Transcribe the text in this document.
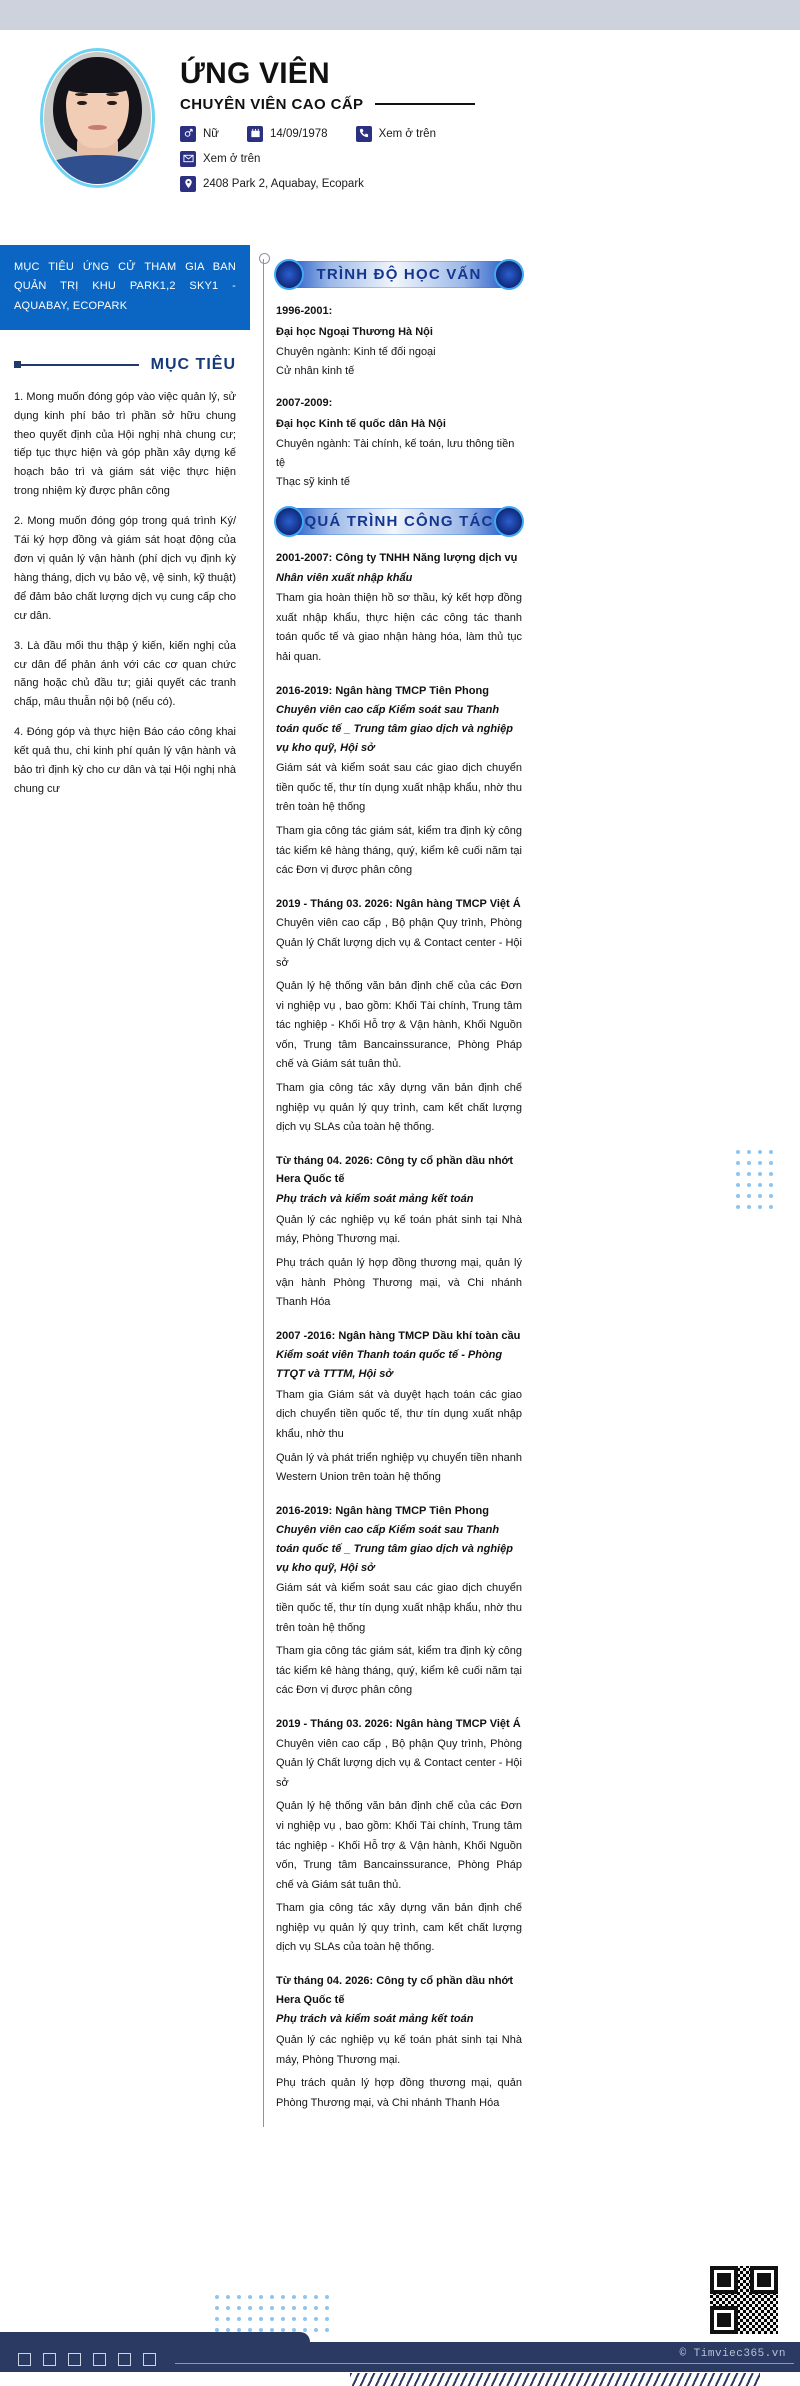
ỨNG VIÊN
CHUYÊN VIÊN CAO CẤP
Nữ	14/09/1978	Xem ở trên
Xem ở trên
2408 Park 2, Aquabay, Ecopark
MỤC TIÊU ỨNG CỬ THAM GIA BAN QUẢN TRỊ KHU PARK1,2 SKY1 - AQUABAY, ECOPARK
MỤC TIÊU

1. Mong muốn đóng góp vào việc quản lý, sử dụng kinh phí bảo trì phần sở hữu chung theo quyết định của Hội nghị nhà chung cư; tiếp tục thực hiện và góp phần xây dựng kế hoạch bảo trì và giám sát việc thực hiện trong nhiệm kỳ được phân công

2. Mong muốn đóng góp trong quá trình Ký/ Tái ký hợp đồng và giám sát hoạt động của đơn vị quản lý vận hành (phí dịch vụ định kỳ hàng tháng, dịch vụ bảo vệ, vệ sinh, kỹ thuật) để đảm bảo chất lượng dịch vụ cung cấp cho cư dân.

3. Là đầu mối thu thập ý kiến, kiến nghị của cư dân để phản ánh với các cơ quan chức năng hoặc chủ đầu tư; giải quyết các tranh chấp, mâu thuẫn nội bộ (nếu có).

4. Đóng góp và thực hiện Báo cáo công khai kết quả thu, chi kinh phí quản lý vận hành và bảo trì định kỳ cho cư dân và tại Hội nghị nhà chung cư

TRÌNH ĐỘ HỌC VẤN

1996-2001:

Đại học Ngoại Thương Hà Nội

Chuyên ngành: Kinh tế đối ngoại

Cử nhân kinh tế

2007-2009:

Đại học Kinh tế quốc dân Hà Nội

Chuyên ngành: Tài chính, kế toán, lưu thông tiền tệ

Thạc sỹ kinh tế

QUÁ TRÌNH CÔNG TÁC

2001-2007: Công ty TNHH Năng lượng dịch vụ

Nhân viên xuất nhập khẩu

Tham gia hoàn thiện hồ sơ thầu, ký kết hợp đồng xuất nhập khẩu, thực hiện các công tác thanh toán quốc tế và giao nhận hàng hóa, làm thủ tục hải quan.

2016-2019: Ngân hàng TMCP Tiên Phong

Chuyên viên cao cấp Kiểm soát sau Thanh toán quốc tế _ Trung tâm giao dịch và nghiệp vụ kho quỹ, Hội sở

Giám sát và kiểm soát sau các giao dịch chuyển tiền quốc tế, thư tín dụng xuất nhập khẩu, nhờ thu trên toàn hệ thống

Tham gia công tác giám sát, kiểm tra định kỳ công tác kiểm kê hàng tháng, quý, kiểm kê cuối năm tại các Đơn vị được phân công

2019 - Tháng 03. 2026: Ngân hàng TMCP Việt Á

Chuyên viên cao cấp , Bộ phận Quy trình, Phòng Quản lý Chất lượng dịch vụ & Contact center - Hội sở

Quản lý hệ thống văn bản định chế của các Đơn vi nghiệp vụ , bao gồm: Khối Tài chính, Trung tâm tác nghiệp - Khối Hỗ trợ & Vận hành, Khối Nguồn vốn, Trung tâm Bancainssurance, Phòng Pháp chế và Giám sát tuân thủ.

Tham gia công tác xây dựng văn bản định chế nghiệp vụ quản lý quy trình, cam kết chất lượng dịch vụ SLAs của toàn hệ thống.

Từ tháng 04. 2026: Công ty cổ phần dầu nhớt Hera Quốc tế

Phụ trách và kiểm soát mảng kết toán

Quản lý các nghiệp vụ kế toán phát sinh tại Nhà máy, Phòng Thương mại.

Phụ trách quản lý hợp đồng thương mại, quản lý vận hành Phòng Thương mại, và Chi nhánh Thanh Hóa

2007 -2016: Ngân hàng TMCP Dầu khí toàn cầu

Kiểm soát viên Thanh toán quốc tế - Phòng TTQT và TTTM, Hội sở

Tham gia Giám sát và duyệt hạch toán các giao dịch chuyển tiền quốc tế, thư tín dụng xuất nhập khẩu, nhờ thu

Quản lý và phát triển nghiệp vụ chuyển tiền nhanh Western Union trên toàn hệ thống

2016-2019: Ngân hàng TMCP Tiên Phong

Chuyên viên cao cấp Kiểm soát sau Thanh toán quốc tế _ Trung tâm giao dịch và nghiệp vụ kho quỹ, Hội sở

Giám sát và kiểm soát sau các giao dịch chuyển tiền quốc tế, thư tín dụng xuất nhập khẩu, nhờ thu trên toàn hệ thống

Tham gia công tác giám sát, kiểm tra định kỳ công tác kiểm kê hàng tháng, quý, kiểm kê cuối năm tại các Đơn vị được phân công

2019 - Tháng 03. 2026: Ngân hàng TMCP Việt Á

Chuyên viên cao cấp , Bộ phận Quy trình, Phòng Quản lý Chất lượng dịch vụ & Contact center - Hội sở

Quản lý hệ thống văn bản định chế của các Đơn vi nghiệp vụ , bao gồm: Khối Tài chính, Trung tâm tác nghiệp - Khối Hỗ trợ & Vận hành, Khối Nguồn vốn, Trung tâm Bancainssurance, Phòng Pháp chế và Giám sát tuân thủ.

Tham gia công tác xây dựng văn bản định chế nghiệp vụ quản lý quy trình, cam kết chất lượng dịch vụ SLAs của toàn hệ thống.

Từ tháng 04. 2026: Công ty cổ phần dầu nhớt Hera Quốc tế

Phụ trách và kiểm soát mảng kết toán

Quản lý các nghiệp vụ kế toán phát sinh tại Nhà máy, Phòng Thương mại.

Phụ trách quản lý hợp đồng thương mại, quản Phòng Thương mại, và Chi nhánh Thanh Hóa

© Timviec365.vn
